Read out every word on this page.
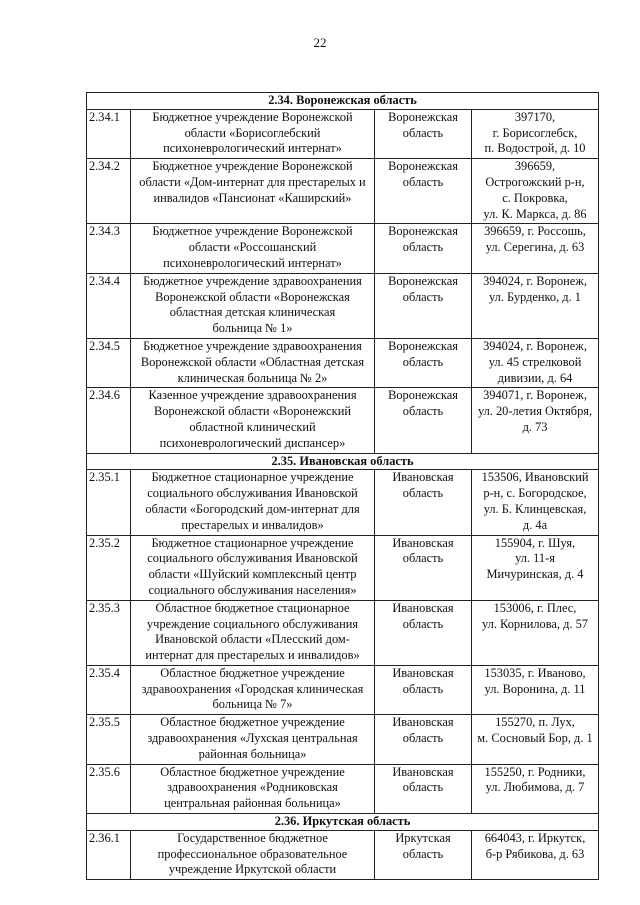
22
2.34. Воронежская область			
2.34.1	Бюджетное учреждение Воронежской
области «Борисоглебский
психоневрологический интернат»	Воронежская
область	397170,
г. Борисоглебск,
п. Водострой, д. 10

2.34.2	Бюджетное учреждение Воронежской
области «Дом-интернат для престарелых и
инвалидов «Пансионат «Каширский»	Воронежская
область	396659,
Острогожский р-н,
с. Покровка,
ул. К. Маркса, д. 86

2.34.3	Бюджетное учреждение Воронежской
области «Россошанский
психоневрологический интернат»	Воронежская
область	396659, г. Россошь,
ул. Серегина, д. 63

2.34.4	Бюджетное учреждение здравоохранения
Воронежской области «Воронежская
областная детская клиническая
больница № 1»	Воронежская
область	394024, г. Воронеж,
ул. Бурденко, д. 1

2.34.5	Бюджетное учреждение здравоохранения
Воронежской области «Областная детская
клиническая больница № 2»	Воронежская
область	394024, г. Воронеж,
ул. 45 стрелковой
дивизии, д. 64

2.34.6	Казенное учреждение здравоохранения
Воронежской области «Воронежский
областной клинический
психоневрологический диспансер»	Воронежская
область	394071, г. Воронеж,
ул. 20-летия Октября,
д. 73

2.35. Ивановская область			
2.35.1	Бюджетное стационарное учреждение
социального обслуживания Ивановской
области «Богородский дом-интернат для
престарелых и инвалидов»	Ивановская
область	153506, Ивановский
р-н, с. Богородское,
ул. Б. Клинцевская,
д. 4а

2.35.2	Бюджетное стационарное учреждение
социального обслуживания Ивановской
области «Шуйский комплексный центр
социального обслуживания населения»	Ивановская
область	155904, г. Шуя,
ул. 11-я
Мичуринская, д. 4

2.35.3	Областное бюджетное стационарное
учреждение социального обслуживания
Ивановской области «Плесский дом-
интернат для престарелых и инвалидов»	Ивановская
область	153006, г. Плес,
ул. Корнилова, д. 57

2.35.4	Областное бюджетное учреждение
здравоохранения «Городская клиническая
больница № 7»	Ивановская
область	153035, г. Иваново,
ул. Воронина, д. 11

2.35.5	Областное бюджетное учреждение
здравоохранения «Лухская центральная
районная больница»	Ивановская
область	155270, п. Лух,
м. Сосновый Бор, д. 1

2.35.6	Областное бюджетное учреждение
здравоохранения «Родниковская
центральная районная больница»	Ивановская
область	155250, г. Родники,
ул. Любимова, д. 7

2.36. Иркутская область			
2.36.1	Государственное бюджетное
профессиональное образовательное
учреждение Иркутской области	Иркутская
область	664043, г. Иркутск,
б-р Рябикова, д. 63
